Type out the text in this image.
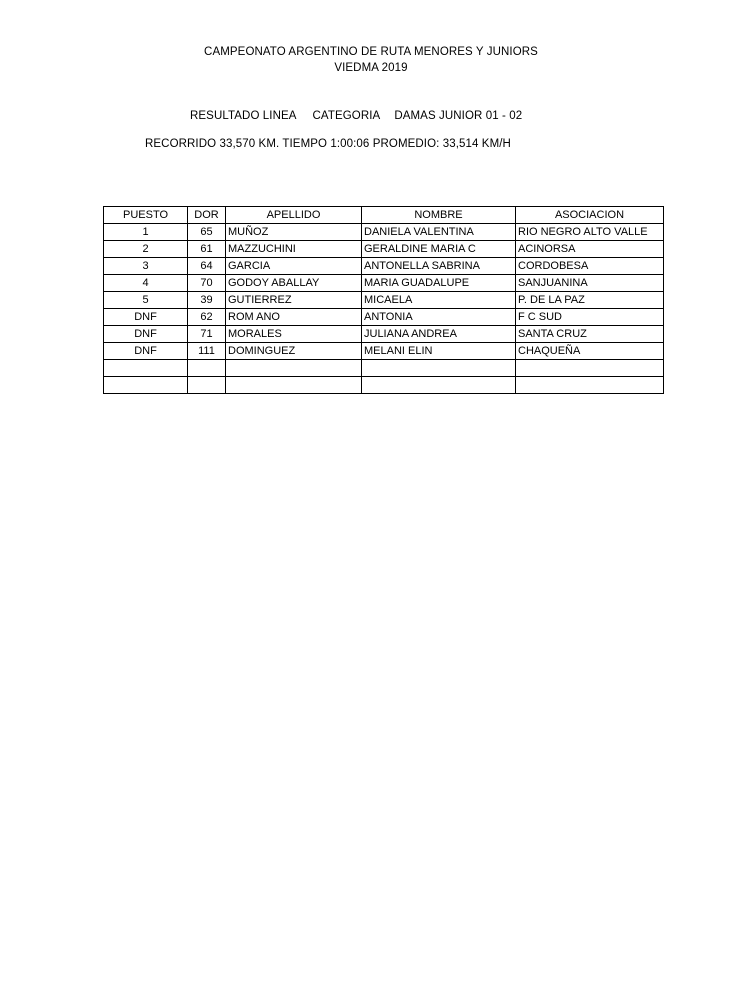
CAMPEONATO ARGENTINO DE RUTA MENORES Y JUNIORS
VIEDMA 2019
RESULTADO LINEA CATEGORIA DAMAS JUNIOR 01 - 02
RECORRIDO 33,570 KM. TIEMPO 1:00:06 PROMEDIO: 33,514 KM/H
PUESTO	DOR	APELLIDO	NOMBRE	ASOCIACION
1	65	MUÑOZ	DANIELA VALENTINA	RIO NEGRO ALTO VALLE
2	61	MAZZUCHINI	GERALDINE MARIA C	ACINORSA
3	64	GARCIA	ANTONELLA SABRINA	CORDOBESA
4	70	GODOY ABALLAY	MARIA GUADALUPE	SANJUANINA
5	39	GUTIERREZ	MICAELA	P. DE LA PAZ
DNF	62	ROM ANO	ANTONIA	F C SUD
DNF	71	MORALES	JULIANA ANDREA	SANTA CRUZ
DNF	111	DOMINGUEZ	MELANI ELIN	CHAQUEÑA
